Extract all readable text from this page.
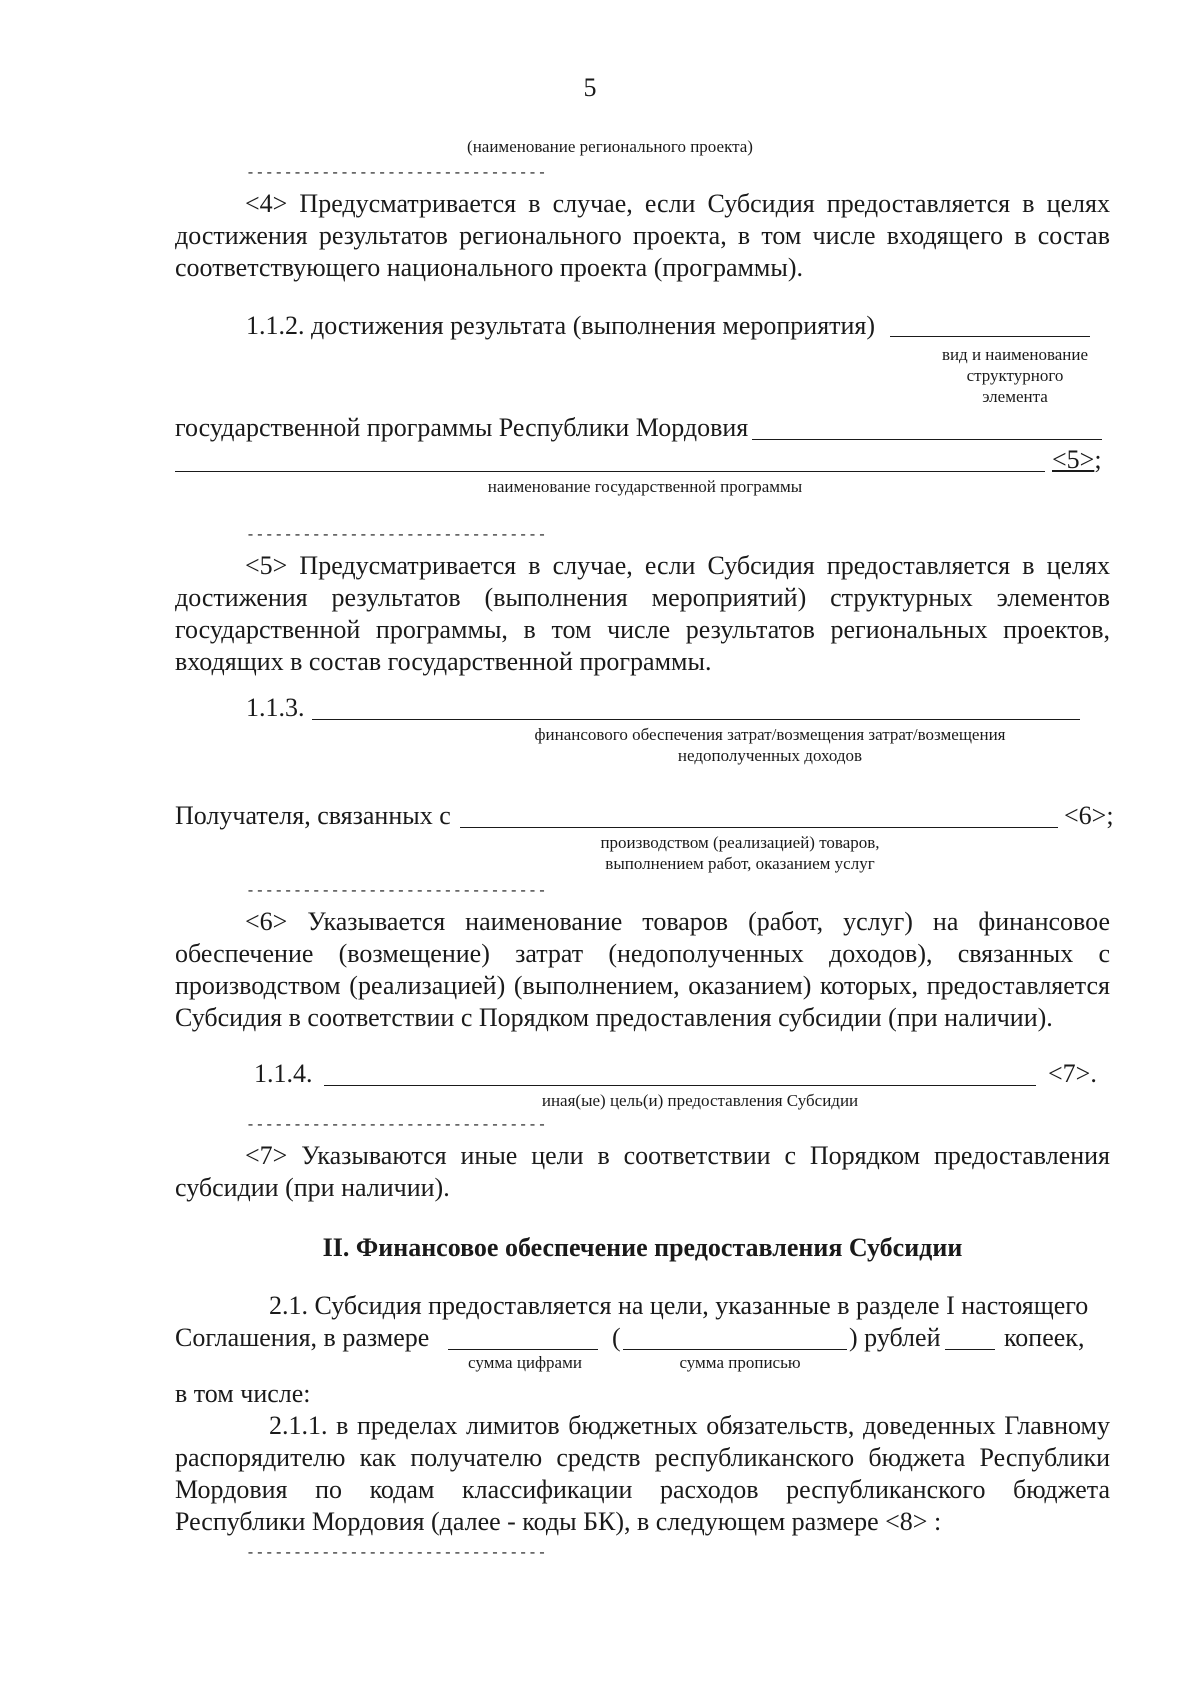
5
(наименование регионального проекта)
--------------------------------
<4> Предусматривается в случае, если Субсидия предоставляется в целях
достижения результатов регионального проекта, в том числе входящего в состав
соответствующего национального проекта (программы).
1.1.2. достижения результата (выполнения мероприятия)
вид и наименование
структурного
элемента
государственной программы Республики Мордовия
<5>;
наименование государственной программы
--------------------------------
<5> Предусматривается в случае, если Субсидия предоставляется в целях
достижения результатов (выполнения мероприятий) структурных элементов
государственной программы, в том числе результатов региональных проектов,
входящих в состав государственной программы.
1.1.3.
финансового обеспечения затрат/возмещения затрат/возмещения
недополученных доходов
Получателя, связанных с	<6>;
производством (реализацией) товаров,
выполнением работ, оказанием услуг
--------------------------------
<6> Указывается наименование товаров (работ, услуг) на финансовое
обеспечение (возмещение) затрат (недополученных доходов), связанных с
производством (реализацией) (выполнением, оказанием) которых, предоставляется
Субсидия в соответствии с Порядком предоставления субсидии (при наличии).
1.1.4.	<7>.
иная(ые) цель(и) предоставления Субсидии
--------------------------------
<7> Указываются иные цели в соответствии с Порядком предоставления
субсидии (при наличии).
II. Финансовое обеспечение предоставления Субсидии
2.1. Субсидия предоставляется на цели, указанные в разделе I настоящего
Соглашения, в размере	(	) рублей копеек,
сумма цифрами	сумма прописью
в том числе:
2.1.1. в пределах лимитов бюджетных обязательств, доведенных Главному
распорядителю как получателю средств республиканского бюджета Республики
Мордовия по кодам классификации расходов республиканского бюджета
Республики Мордовия (далее - коды БК), в следующем размере <8> :
--------------------------------
